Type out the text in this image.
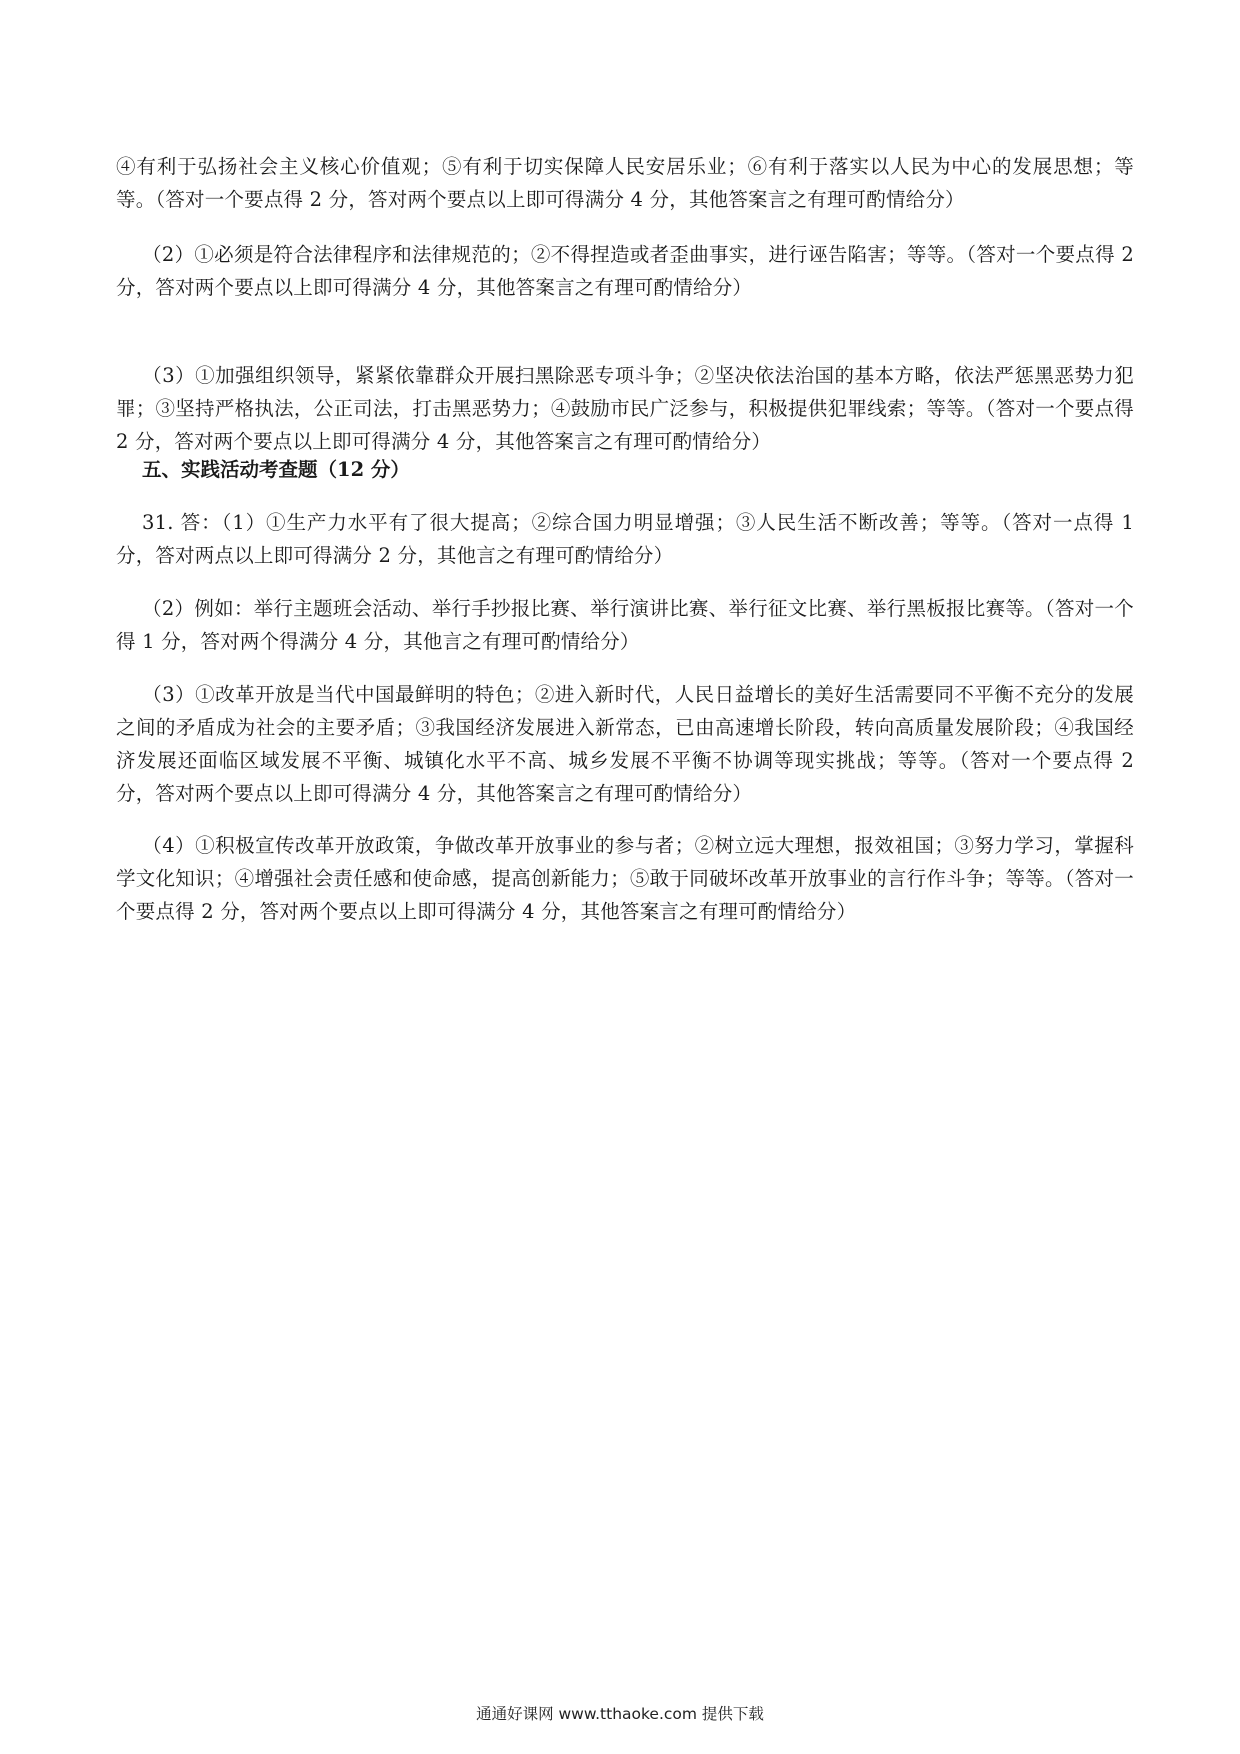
④有利于弘扬社会主义核心价值观；⑤有利于切实保障人民安居乐业；⑥有利于落实以人民为中心的发展思想；等等。（答对一个要点得 2 分，答对两个要点以上即可得满分 4 分，其他答案言之有理可酌情给分）

（2）①必须是符合法律程序和法律规范的；②不得捏造或者歪曲事实，进行诬告陷害；等等。（答对一个要点得 2 分，答对两个要点以上即可得满分 4 分，其他答案言之有理可酌情给分）

（3）①加强组织领导，紧紧依靠群众开展扫黑除恶专项斗争；②坚决依法治国的基本方略，依法严惩黑恶势力犯罪；③坚持严格执法，公正司法，打击黑恶势力；④鼓励市民广泛参与，积极提供犯罪线索；等等。（答对一个要点得 2 分，答对两个要点以上即可得满分 4 分，其他答案言之有理可酌情给分）

五、实践活动考查题（12 分）

31. 答：（1）①生产力水平有了很大提高；②综合国力明显增强；③人民生活不断改善；等等。（答对一点得 1 分，答对两点以上即可得满分 2 分，其他言之有理可酌情给分）

（2）例如：举行主题班会活动、举行手抄报比赛、举行演讲比赛、举行征文比赛、举行黑板报比赛等。（答对一个得 1 分，答对两个得满分 4 分，其他言之有理可酌情给分）

（3）①改革开放是当代中国最鲜明的特色；②进入新时代，人民日益增长的美好生活需要同不平衡不充分的发展之间的矛盾成为社会的主要矛盾；③我国经济发展进入新常态，已由高速增长阶段，转向高质量发展阶段；④我国经济发展还面临区域发展不平衡、城镇化水平不高、城乡发展不平衡不协调等现实挑战；等等。（答对一个要点得 2 分，答对两个要点以上即可得满分 4 分，其他答案言之有理可酌情给分）

（4）①积极宣传改革开放政策，争做改革开放事业的参与者；②树立远大理想，报效祖国；③努力学习，掌握科学文化知识；④增强社会责任感和使命感，提高创新能力；⑤敢于同破坏改革开放事业的言行作斗争；等等。（答对一个要点得 2 分，答对两个要点以上即可得满分 4 分，其他答案言之有理可酌情给分）

通通好课网 www.tthaoke.com 提供下载
